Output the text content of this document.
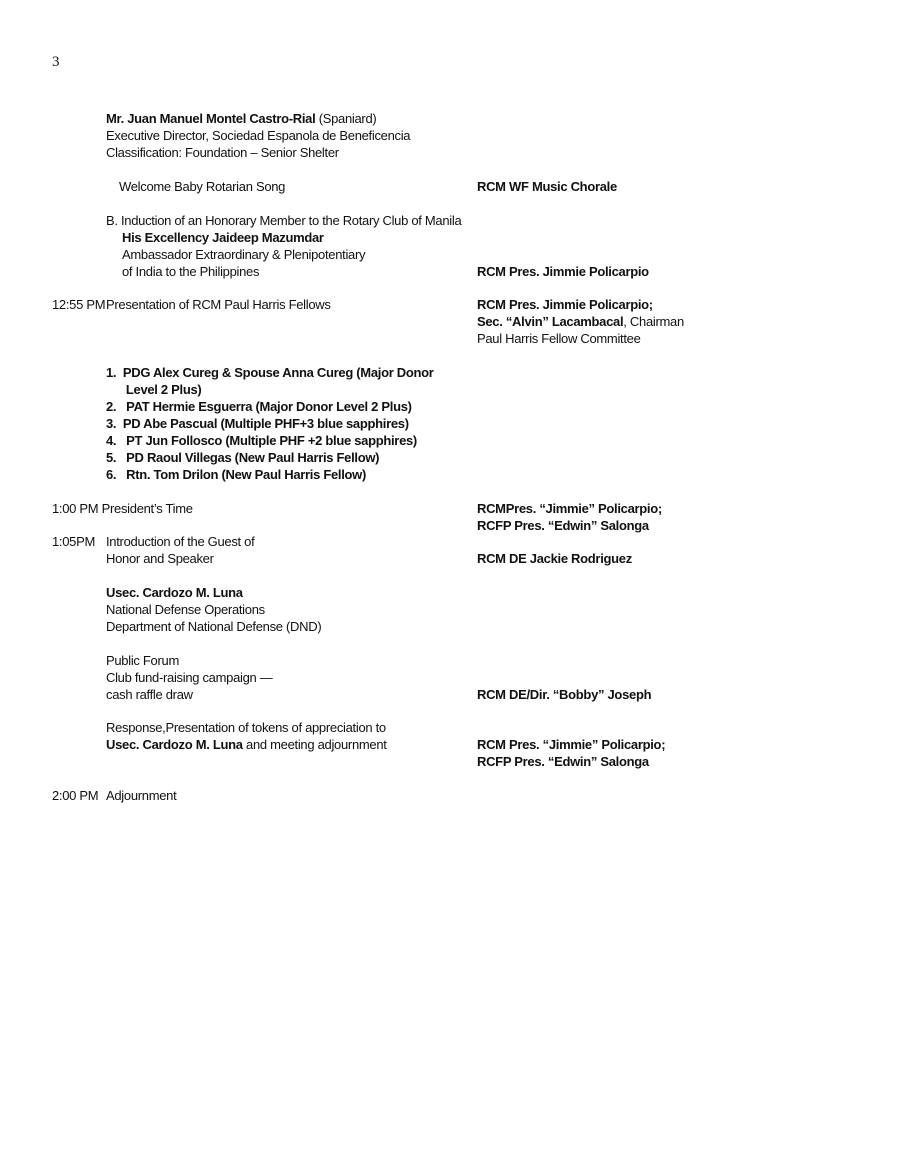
3
Mr. Juan Manuel Montel Castro-Rial (Spaniard)
Executive Director, Sociedad Espanola de Beneficencia
Classification: Foundation – Senior Shelter
Welcome Baby Rotarian Song	RCM WF Music Chorale
B. Induction of an Honorary Member to the Rotary Club of Manila
His Excellency Jaideep Mazumdar
Ambassador Extraordinary & Plenipotentiary
of India to the Philippines	RCM Pres. Jimmie Policarpio
12:55 PM Presentation of RCM Paul Harris Fellows	RCM Pres. Jimmie Policarpio;
Sec. “Alvin” Lacambacal, Chairman
Paul Harris Fellow Committee
1.  PDG Alex Cureg & Spouse Anna Cureg (Major Donor
Level 2 Plus)
2.   PAT Hermie Esguerra (Major Donor Level 2 Plus)
3.  PD Abe Pascual (Multiple PHF+3 blue sapphires)
4.   PT Jun Follosco (Multiple PHF +2 blue sapphires)
5.   PD Raoul Villegas (New Paul Harris Fellow)
6.   Rtn. Tom Drilon (New Paul Harris Fellow)
1:00 PM President’s Time	RCMPres. “Jimmie” Policarpio;
RCFP Pres. “Edwin” Salonga
1:05PM Introduction of the Guest of
Honor and Speaker	RCM DE Jackie Rodriguez
Usec. Cardozo M. Luna
National Defense Operations
Department of National Defense (DND)
Public Forum
Club fund-raising campaign —
cash raffle draw	RCM DE/Dir. “Bobby” Joseph
Response,Presentation of tokens of appreciation to
Usec. Cardozo M. Luna and meeting adjournment	RCM Pres. “Jimmie” Policarpio;
RCFP Pres. “Edwin” Salonga
2:00 PM Adjournment
